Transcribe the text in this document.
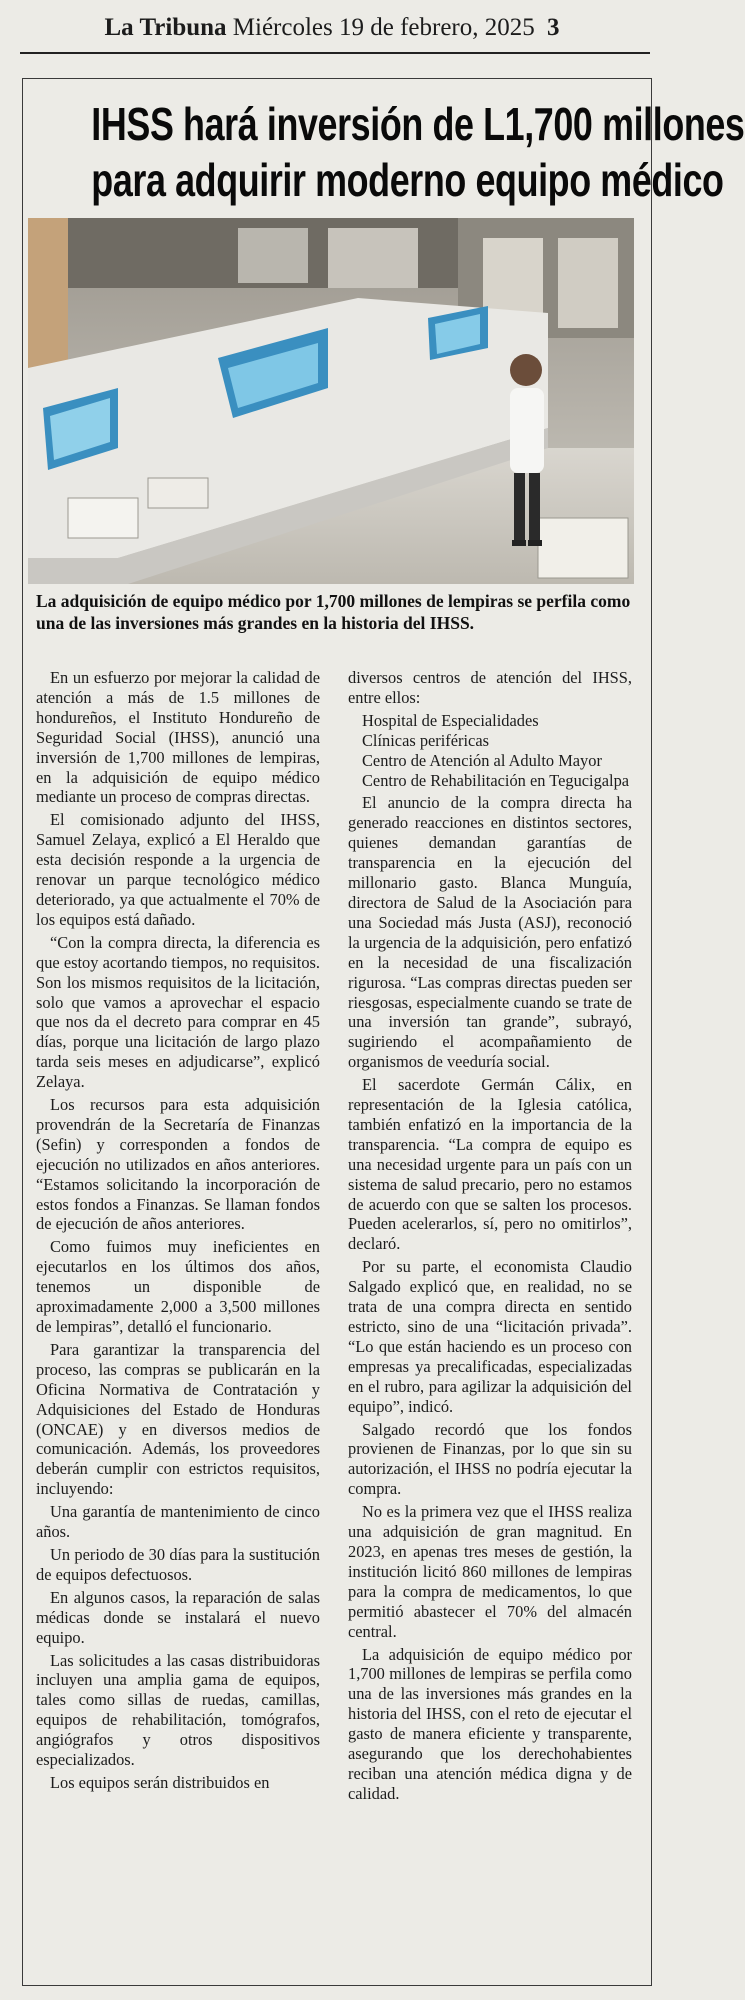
La Tribuna Miércoles 19 de febrero, 2025 3
IHSS hará inversión de L1,700 millones
para adquirir moderno equipo médico

La adquisición de equipo médico por 1,700 millones de lempiras se perfila como una de las inversiones más grandes en la historia del IHSS.

En un esfuerzo por mejorar la calidad de atención a más de 1.5 millones de hondureños, el Instituto Hondureño de Seguridad Social (IHSS), anunció una inversión de 1,700 millones de lempiras, en la adquisición de equipo médico mediante un proceso de compras directas.

El comisionado adjunto del IHSS, Samuel Zelaya, explicó a El Heraldo que esta decisión responde a la urgencia de renovar un parque tecnológico médico deteriorado, ya que actualmente el 70% de los equipos está dañado.

“Con la compra directa, la diferencia es que estoy acortando tiempos, no requisitos. Son los mismos requisitos de la licitación, solo que vamos a aprovechar el espacio que nos da el decreto para comprar en 45 días, porque una licitación de largo plazo tarda seis meses en adjudicarse”, explicó Zelaya.

Los recursos para esta adquisición provendrán de la Secretaría de Finanzas (Sefin) y corresponden a fondos de ejecución no utilizados en años anteriores. “Estamos solicitando la incorporación de estos fondos a Finanzas. Se llaman fondos de ejecución de años anteriores.

Como fuimos muy ineficientes en ejecutarlos en los últimos dos años, tenemos un disponible de aproximadamente 2,000 a 3,500 millones de lempiras”, detalló el funcionario.

Para garantizar la transparencia del proceso, las compras se publicarán en la Oficina Normativa de Contratación y Adquisiciones del Estado de Honduras (ONCAE) y en diversos medios de comunicación. Además, los proveedores deberán cumplir con estrictos requisitos, incluyendo:

Una garantía de mantenimiento de cinco años.

Un periodo de 30 días para la sustitución de equipos defectuosos.

En algunos casos, la reparación de salas médicas donde se instalará el nuevo equipo.

Las solicitudes a las casas distribuidoras incluyen una amplia gama de equipos, tales como sillas de ruedas, camillas, equipos de rehabilitación, tomógrafos, angiógrafos y otros dispositivos especializados.

Los equipos serán distribuidos en

diversos centros de atención del IHSS, entre ellos:

Hospital de Especialidades
Clínicas periféricas
Centro de Atención al Adulto Mayor
Centro de Rehabilitación en Tegucigalpa

El anuncio de la compra directa ha generado reacciones en distintos sectores, quienes demandan garantías de transparencia en la ejecución del millonario gasto. Blanca Munguía, directora de Salud de la Asociación para una Sociedad más Justa (ASJ), reconoció la urgencia de la adquisición, pero enfatizó en la necesidad de una fiscalización rigurosa. “Las compras directas pueden ser riesgosas, especialmente cuando se trate de una inversión tan grande”, subrayó, sugiriendo el acompañamiento de organismos de veeduría social.

El sacerdote Germán Cálix, en representación de la Iglesia católica, también enfatizó en la importancia de la transparencia. “La compra de equipo es una necesidad urgente para un país con un sistema de salud precario, pero no estamos de acuerdo con que se salten los procesos. Pueden acelerarlos, sí, pero no omitirlos”, declaró.

Por su parte, el economista Claudio Salgado explicó que, en realidad, no se trata de una compra directa en sentido estricto, sino de una “licitación privada”. “Lo que están haciendo es un proceso con empresas ya precalificadas, especializadas en el rubro, para agilizar la adquisición del equipo”, indicó.

Salgado recordó que los fondos provienen de Finanzas, por lo que sin su autorización, el IHSS no podría ejecutar la compra.

No es la primera vez que el IHSS realiza una adquisición de gran magnitud. En 2023, en apenas tres meses de gestión, la institución licitó 860 millones de lempiras para la compra de medicamentos, lo que permitió abastecer el 70% del almacén central.

La adquisición de equipo médico por 1,700 millones de lempiras se perfila como una de las inversiones más grandes en la historia del IHSS, con el reto de ejecutar el gasto de manera eficiente y transparente, asegurando que los derechohabientes reciban una atención médica digna y de calidad.
